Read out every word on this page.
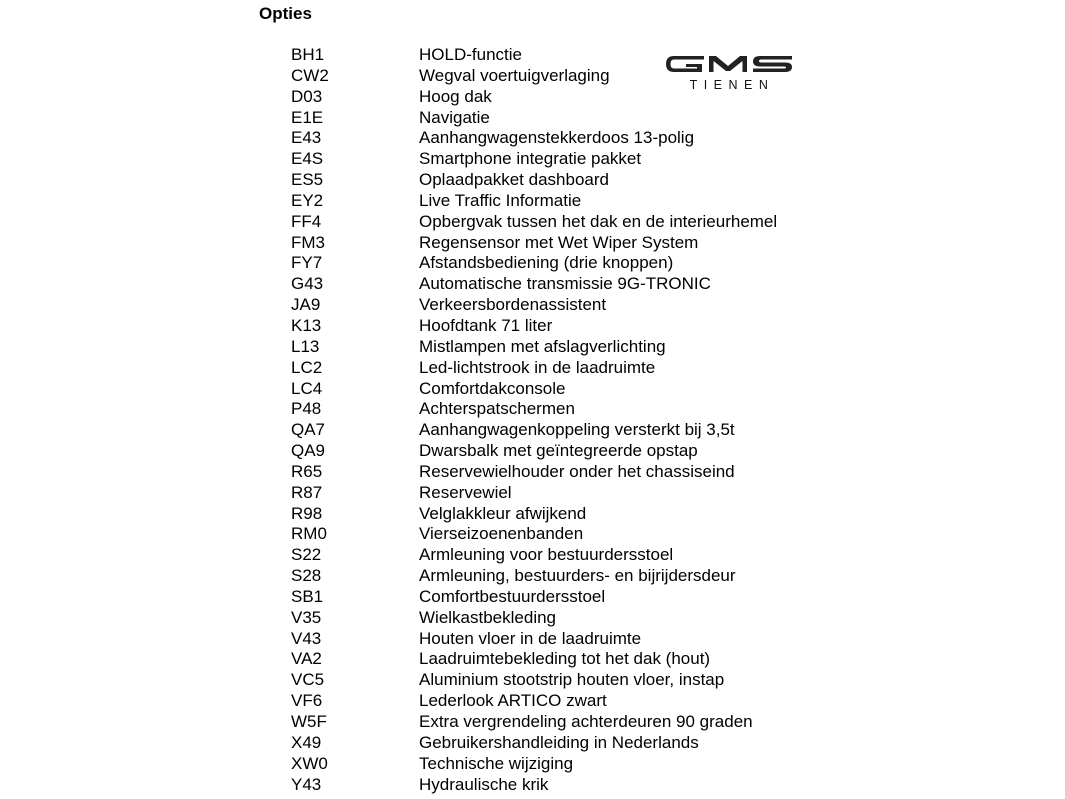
Opties
TIENEN
BH1	HOLD-functie
CW2	Wegval voertuigverlaging
D03	Hoog dak
E1E	Navigatie
E43	Aanhangwagenstekkerdoos 13-polig
E4S	Smartphone integratie pakket
ES5	Oplaadpakket dashboard
EY2	Live Traffic Informatie
FF4	Opbergvak tussen het dak en de interieurhemel
FM3	Regensensor met Wet Wiper System
FY7	Afstandsbediening (drie knoppen)
G43	Automatische transmissie 9G-TRONIC
JA9	Verkeersbordenassistent
K13	Hoofdtank 71 liter
L13	Mistlampen met afslagverlichting
LC2	Led-lichtstrook in de laadruimte
LC4	Comfortdakconsole
P48	Achterspatschermen
QA7	Aanhangwagenkoppeling versterkt bij 3,5t
QA9	Dwarsbalk met geïntegreerde opstap
R65	Reservewielhouder onder het chassiseind
R87	Reservewiel
R98	Velglakkleur afwijkend
RM0	Vierseizoenenbanden
S22	Armleuning voor bestuurdersstoel
S28	Armleuning, bestuurders- en bijrijdersdeur
SB1	Comfortbestuurdersstoel
V35	Wielkastbekleding
V43	Houten vloer in de laadruimte
VA2	Laadruimtebekleding tot het dak (hout)
VC5	Aluminium stootstrip houten vloer, instap
VF6	Lederlook ARTICO zwart
W5F	Extra vergrendeling achterdeuren 90 graden
X49	Gebruikershandleiding in Nederlands
XW0	Technische wijziging
Y43	Hydraulische krik
